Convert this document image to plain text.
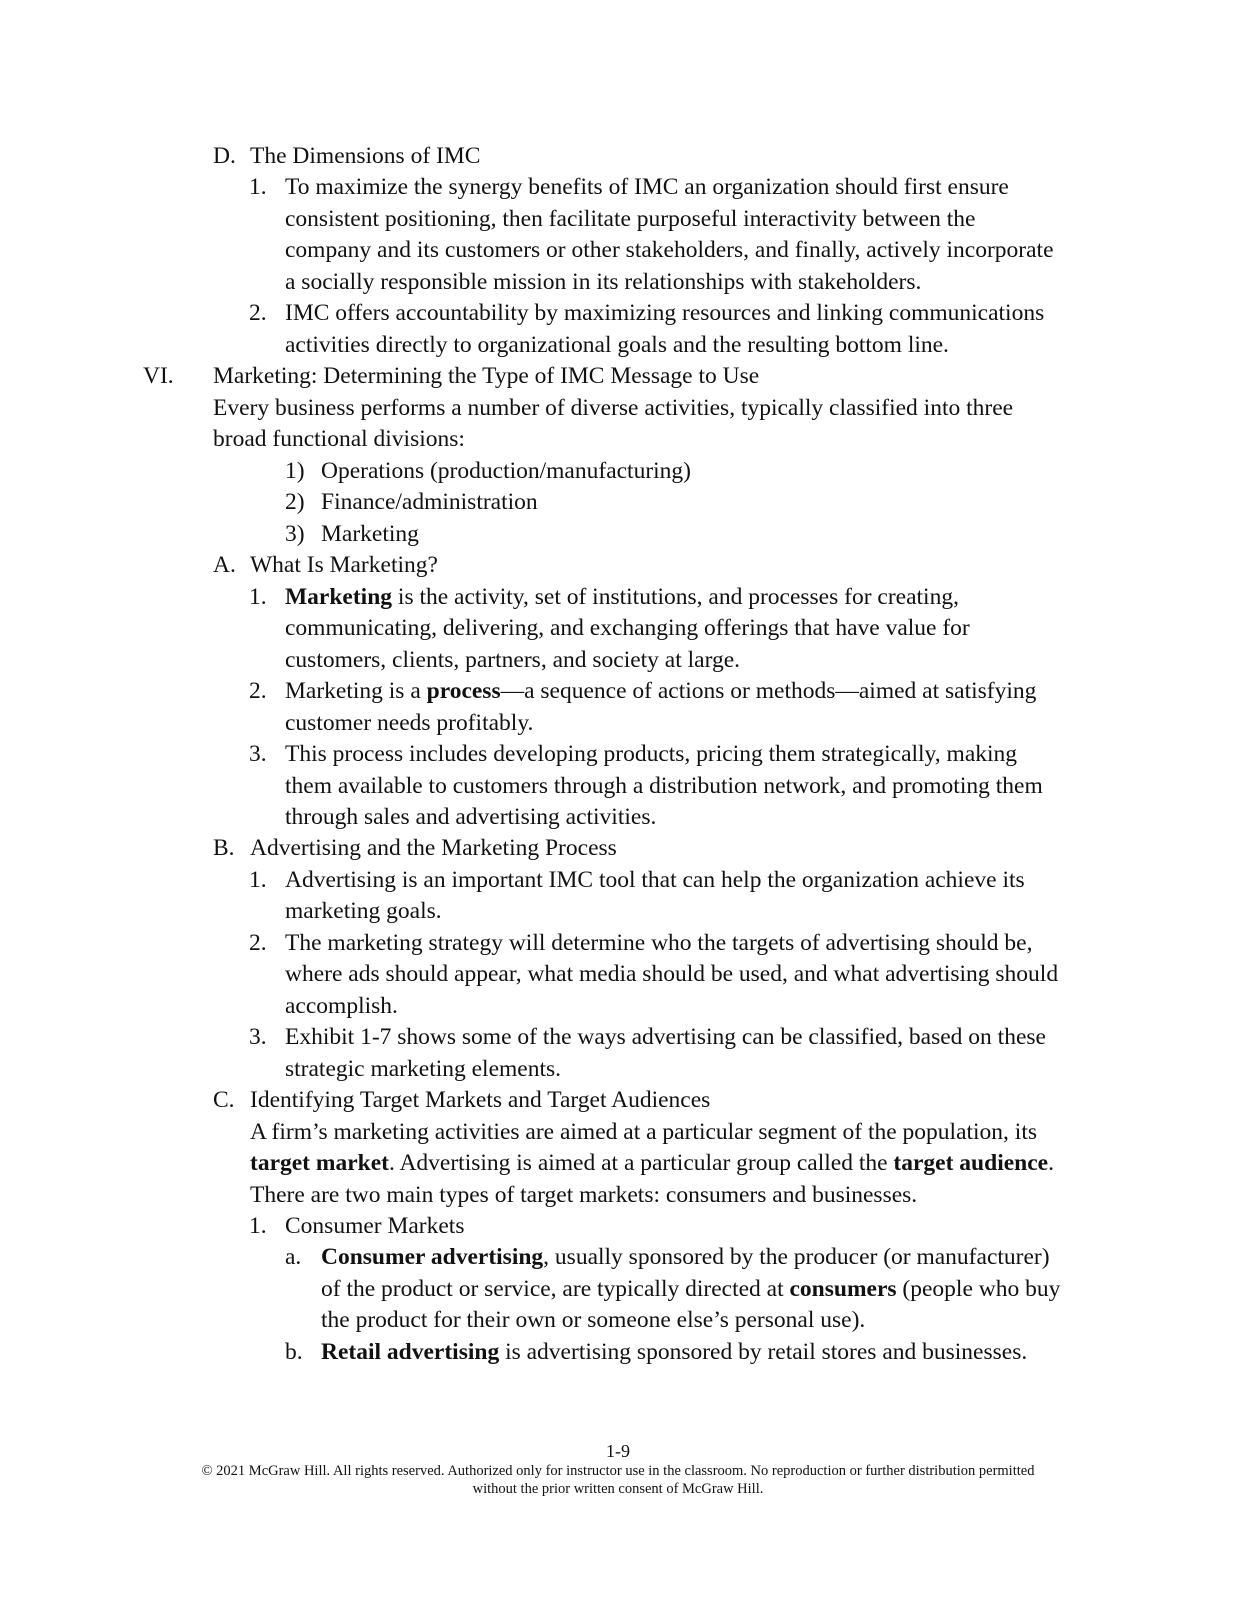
D. The Dimensions of IMC
1. To maximize the synergy benefits of IMC an organization should first ensure
consistent positioning, then facilitate purposeful interactivity between the
company and its customers or other stakeholders, and finally, actively incorporate
a socially responsible mission in its relationships with stakeholders.
2. IMC offers accountability by maximizing resources and linking communications
activities directly to organizational goals and the resulting bottom line.
VI. Marketing: Determining the Type of IMC Message to Use
Every business performs a number of diverse activities, typically classified into three
broad functional divisions:
1) Operations (production/manufacturing)
2) Finance/administration
3) Marketing
A. What Is Marketing?
1. Marketing is the activity, set of institutions, and processes for creating,
communicating, delivering, and exchanging offerings that have value for
customers, clients, partners, and society at large.
2. Marketing is a process—a sequence of actions or methods—aimed at satisfying
customer needs profitably.
3. This process includes developing products, pricing them strategically, making
them available to customers through a distribution network, and promoting them
through sales and advertising activities.
B. Advertising and the Marketing Process
1. Advertising is an important IMC tool that can help the organization achieve its
marketing goals.
2. The marketing strategy will determine who the targets of advertising should be,
where ads should appear, what media should be used, and what advertising should
accomplish.
3. Exhibit 1-7 shows some of the ways advertising can be classified, based on these
strategic marketing elements.
C. Identifying Target Markets and Target Audiences
A firm’s marketing activities are aimed at a particular segment of the population, its
target market. Advertising is aimed at a particular group called the target audience.
There are two main types of target markets: consumers and businesses.
1. Consumer Markets
a. Consumer advertising, usually sponsored by the producer (or manufacturer)
of the product or service, are typically directed at consumers (people who buy
the product for their own or someone else’s personal use).
b. Retail advertising is advertising sponsored by retail stores and businesses.
1-9
© 2021 McGraw Hill. All rights reserved. Authorized only for instructor use in the classroom. No reproduction or further distribution permitted
without the prior written consent of McGraw Hill.
